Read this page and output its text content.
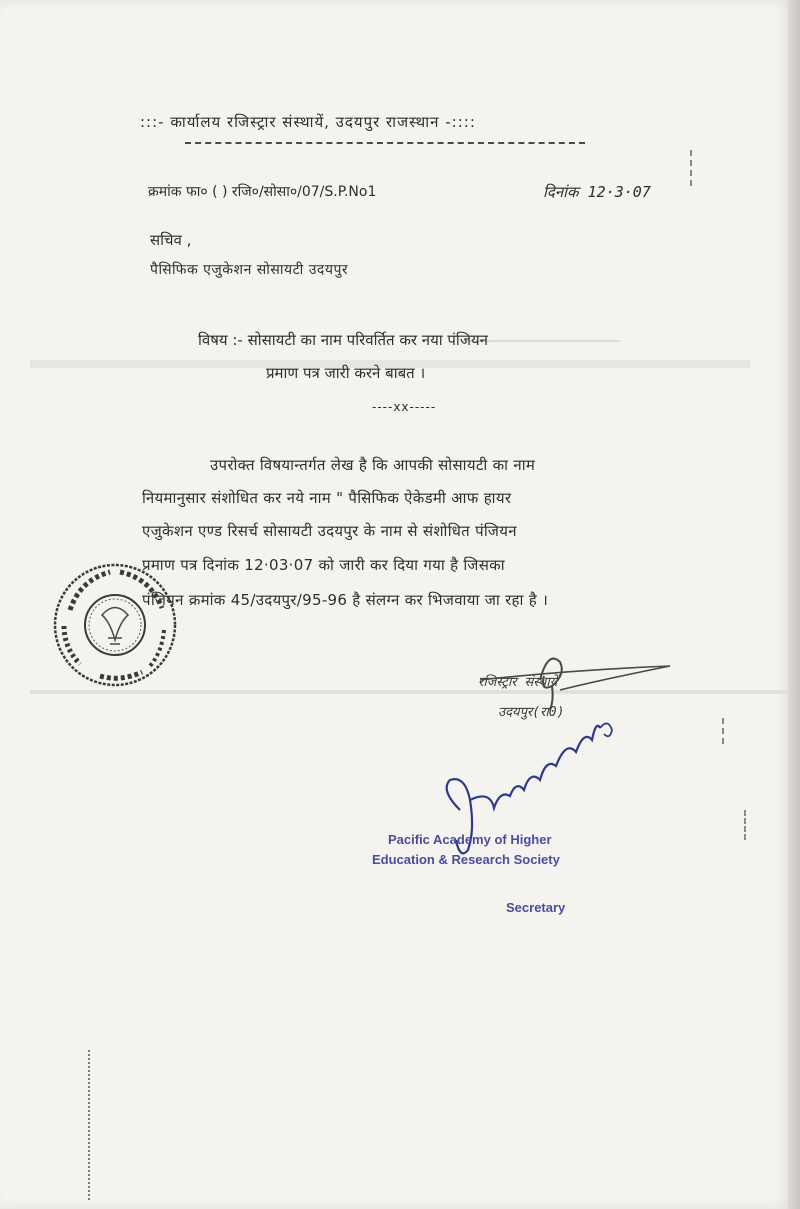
:::- कार्यालय रजिस्ट्रार संस्थायें, उदयपुर राजस्थान -::::
क्रमांक फा० ( ) रजि०/सोसा०/07/S.P.No1	दिनांक 12·3·07
सचिव ,
पैसिफिक एजुकेशन सोसायटी उदयपुर
विषय :- सोसायटी का नाम परिवर्तित कर नया पंजियन
प्रमाण पत्र जारी करने बाबत ।
----xx-----
उपरोक्त विषयान्तर्गत लेख है कि आपकी सोसायटी का नाम
नियमानुसार संशोधित कर नये नाम " पैसिफिक ऐकेडमी आफ हायर
एजुकेशन एण्ड रिसर्च सोसायटी उदयपुर के नाम से संशोधित पंजियन
प्रमाण पत्र दिनांक 12·03·07 को जारी कर दिया गया है जिसका
पंजियन क्रमांक 45/उदयपुर/95-96 है संलग्न कर भिजवाया जा रहा है ।
रजिस्ट्रार संस्थायें
उदयपुर(रा0)
Pacific Academy of Higher
Education & Research Society
Secretary
